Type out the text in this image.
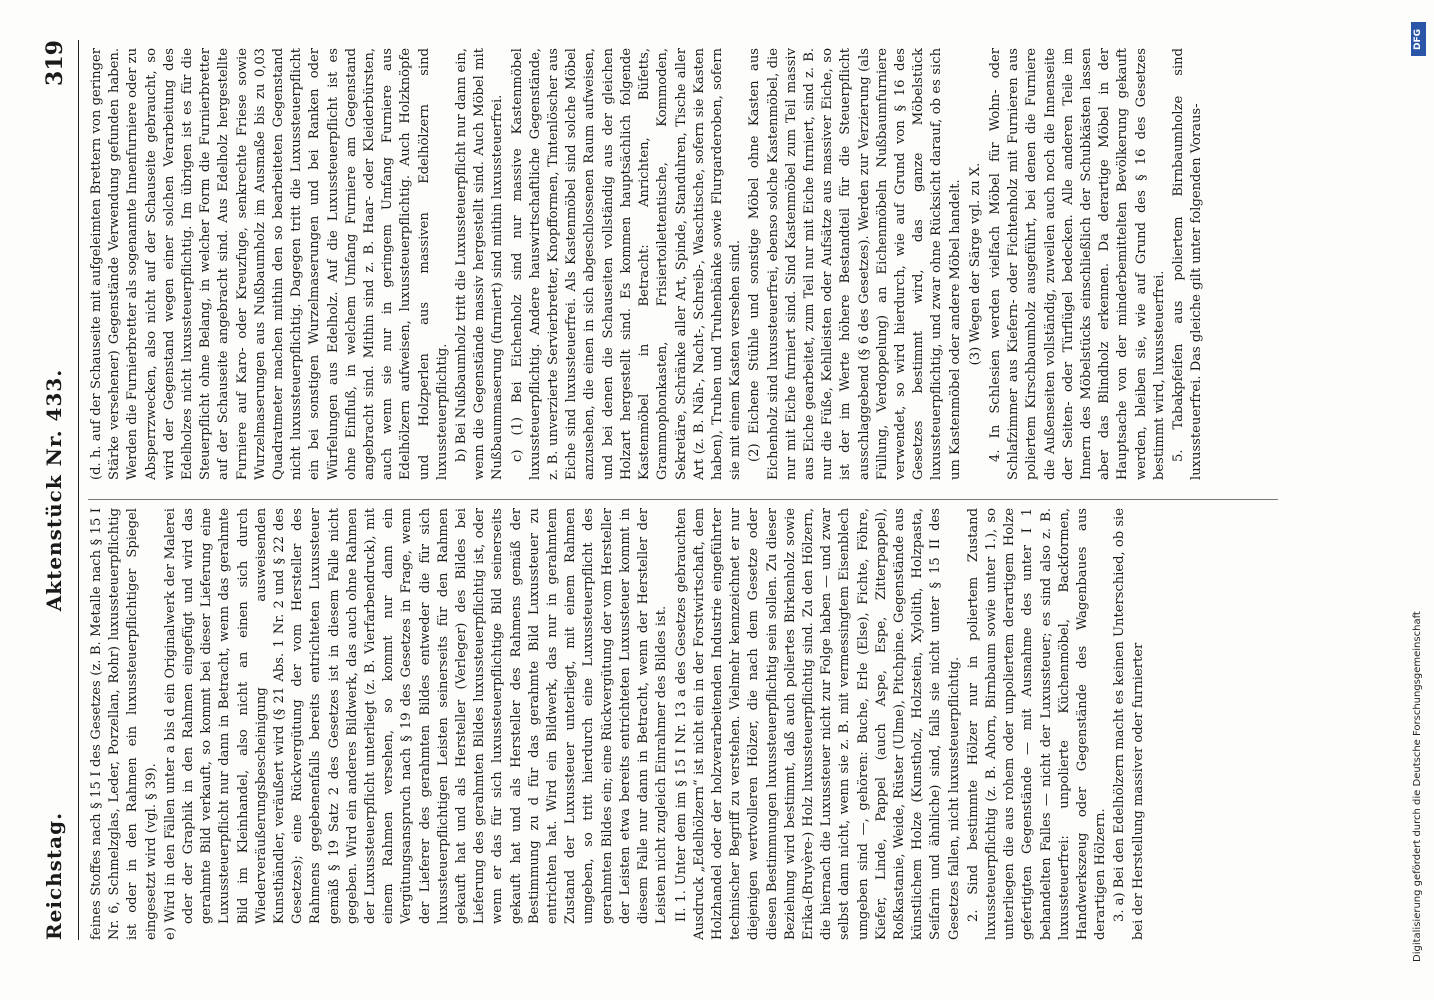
Reichstag.
Aktenstück Nr. 433.
319

feines Stoffes nach § 15 I des Gesetzes (z. B. Metalle nach § 15 I Nr. 6, Schmelzglas, Leder, Porzellan, Rohr) luxussteuerpflichtig ist oder in den Rahmen ein luxussteuerpflichtiger Spiegel eingesetzt wird (vgl. § 39). e) Wird in den Fällen unter a bis d ein Originalwerk der Malerei oder der Graphik in den Rahmen eingefügt und wird das gerahmte Bild verkauft, so kommt bei dieser Lieferung eine Luxussteuerpflicht nur dann in Betracht, wenn das gerahmte Bild im Kleinhandel, also nicht an einen sich durch Wiederveräußerungsbescheinigung ausweisenden Kunsthändler, veräußert wird (§ 21 Abs. 1 Nr. 2 und § 22 des Gesetzes); eine Rückvergütung der vom Hersteller des Rahmens gegebenenfalls bereits entrichteten Luxussteuer gemäß § 19 Satz 2 des Gesetzes ist in diesem Falle nicht gegeben. Wird ein anderes Bildwerk, das auch ohne Rahmen der Luxussteuerpflicht unterliegt (z. B. Vierfarbendruck), mit einem Rahmen versehen, so kommt nur dann ein Vergütungsanspruch nach § 19 des Gesetzes in Frage, wenn der Lieferer des gerahmten Bildes entweder die für sich luxussteuerpflichtigen Leisten seinerseits für den Rahmen gekauft hat und als Hersteller (Verleger) des Bildes bei Lieferung des gerahmten Bildes luxussteuerpflichtig ist, oder wenn er das für sich luxussteuerpflichtige Bild seinerseits gekauft hat und als Hersteller des Rahmens gemäß der Bestimmung zu d für das gerahmte Bild Luxussteuer zu entrichten hat. Wird ein Bildwerk, das nur in gerahmtem Zustand der Luxussteuer unterliegt, mit einem Rahmen umgeben, so tritt hierdurch eine Luxussteuerpflicht des gerahmten Bildes ein; eine Rückvergütung der vom Hersteller der Leisten etwa bereits entrichteten Luxussteuer kommt in diesem Falle nur dann in Betracht, wenn der Hersteller der Leisten nicht zugleich Einrahmer des Bildes ist. II. 1. Unter dem im § 15 I Nr. 13 a des Gesetzes gebrauchten Ausdruck „Edelhölzern“ ist nicht ein in der Forstwirtschaft, dem Holzhandel oder der holzverarbeitenden Industrie eingeführter technischer Begriff zu verstehen. Vielmehr kennzeichnet er nur diejenigen wertvolleren Hölzer, die nach dem Gesetze oder diesen Bestimmungen luxussteuerpflichtig sein sollen. Zu dieser Beziehung wird bestimmt, daß auch poliertes Birkenholz sowie Erika-(Bruyère-) Holz luxussteuerpflichtig sind. Zu den Hölzern, die hiernach die Luxussteuer nicht zur Folge haben — und zwar selbst dann nicht, wenn sie z. B. mit vermessingtem Eisenblech umgeben sind —, gehören: Buche, Erle (Else), Fichte, Föhre, Kiefer, Linde, Pappel (auch Aspe, Espe, Zitterpappel), Roßkastanie, Weide, Rüster (Ulme), Pitchpine. Gegenstände aus künstlichem Holze (Kunstholz, Holzstein, Xylolith, Holzpasta, Seifarin und ähnliche) sind, falls sie nicht unter § 15 II des Gesetzes fallen, nicht luxussteuerpflichtig. 2. Sind bestimmte Hölzer nur in poliertem Zustand luxussteuerpflichtig (z. B. Ahorn, Birnbaum sowie unter 1.), so unterliegen die aus rohem oder unpoliertem derartigem Holze gefertigten Gegenstände — mit Ausnahme des unter I 1 behandelten Falles — nicht der Luxussteuer; es sind also z. B. luxussteuerfrei: unpolierte Küchenmöbel, Backformen, Handwerkszeug oder Gegenstände des Wagenbaues aus derartigen Hölzern. 3. a) Bei den Edelhölzern macht es keinen Unterschied, ob sie bei der Herstellung massiver oder furnierter

(d. h. auf der Schauseite mit aufgeleimten Brettern von geringer Stärke versehener) Gegenstände Verwendung gefunden haben. Werden die Furnierbretter als sogenannte Innenfurniere oder zu Absperrzwecken, also nicht auf der Schauseite gebraucht, so wird der Gegenstand wegen einer solchen Verarbeitung des Edelholzes nicht luxussteuerpflichtig. Im übrigen ist es für die Steuerpflicht ohne Belang, in welcher Form die Furnierbretter auf der Schauseite angebracht sind. Aus Edelholz hergestellte Furniere auf Karo- oder Kreuzfuge, senkrechte Friese sowie Wurzelmaserungen aus Nußbaumholz im Ausmaße bis zu 0,03 Quadratmeter machen mithin den so bearbeiteten Gegenstand nicht luxussteuerpflichtig. Dagegen tritt die Luxussteuerpflicht ein bei sonstigen Wurzelmaserungen und bei Ranken oder Würfelungen aus Edelholz. Auf die Luxussteuerpflicht ist es ohne Einfluß, in welchem Umfang Furniere am Gegenstand angebracht sind. Mithin sind z. B. Haar- oder Kleiderbürsten, auch wenn sie nur in geringem Umfang Furniere aus Edelhölzern aufweisen, luxussteuerpflichtig. Auch Holzknöpfe und Holzperlen aus massiven Edelhölzern sind luxussteuerpflichtig. b) Bei Nußbaumholz tritt die Luxussteuerpflicht nur dann ein, wenn die Gegenstände massiv hergestellt sind. Auch Möbel mit Nußbaummaserung (furniert) sind mithin luxussteuerfrei. c) (1) Bei Eichenholz sind nur massive Kastenmöbel luxussteuerpflichtig. Andere hauswirtschaftliche Gegenstände, z. B. unverzierte Servierbretter, Knopfformen, Tintenlöscher aus Eiche sind luxussteuerfrei. Als Kastenmöbel sind solche Möbel anzusehen, die einen in sich abgeschlossenen Raum aufweisen, und bei denen die Schauseiten vollständig aus der gleichen Holzart hergestellt sind. Es kommen hauptsächlich folgende Kastenmöbel in Betracht: Anrichten, Büfetts, Grammophonkasten, Frisiertoilettentische, Kommoden, Sekretäre, Schränke aller Art, Spinde, Standuhren, Tische aller Art (z. B. Näh-, Nacht-, Schreib-, Waschtische, sofern sie Kasten haben), Truhen und Truhenbänke sowie Flurgarderoben, sofern sie mit einem Kasten versehen sind. (2) Eichene Stühle und sonstige Möbel ohne Kasten aus Eichenholz sind luxussteuerfrei, ebenso solche Kastenmöbel, die nur mit Eiche furniert sind. Sind Kastenmöbel zum Teil massiv aus Eiche gearbeitet, zum Teil nur mit Eiche furniert, sind z. B. nur die Füße, Kehlleisten oder Aufsätze aus massiver Eiche, so ist der im Werte höhere Bestandteil für die Steuerpflicht ausschlaggebend (§ 6 des Gesetzes). Werden zur Verzierung (als Füllung, Verdoppelung) an Eichenmöbeln Nußbaumfurniere verwendet, so wird hierdurch, wie auf Grund von § 16 des Gesetzes bestimmt wird, das ganze Möbelstück luxussteuerpflichtig, und zwar ohne Rücksicht darauf, ob es sich um Kastenmöbel oder andere Möbel handelt. (3) Wegen der Särge vgl. zu X. 4. In Schlesien werden vielfach Möbel für Wohn- oder Schlafzimmer aus Kiefern- oder Fichtenholz mit Furnieren aus poliertem Kirschbaumholz ausgeführt, bei denen die Furniere die Außenseiten vollständig, zuweilen auch noch die Innenseite der Seiten- oder Türflügel bedecken. Alle anderen Teile im Innern des Möbelstücks einschließlich der Schubkästen lassen aber das Blindholz erkennen. Da derartige Möbel in der Hauptsache von der minderbemittelten Bevölkerung gekauft werden, bleiben sie, wie auf Grund des § 16 des Gesetzes bestimmt wird, luxussteuerfrei. 5. Tabakpfeifen aus poliertem Birnbaumholze sind luxussteuerfrei. Das gleiche gilt unter folgenden Voraus-

DFG
Digitalisierung gefördert durch die Deutsche Forschungsgemeinschaft
